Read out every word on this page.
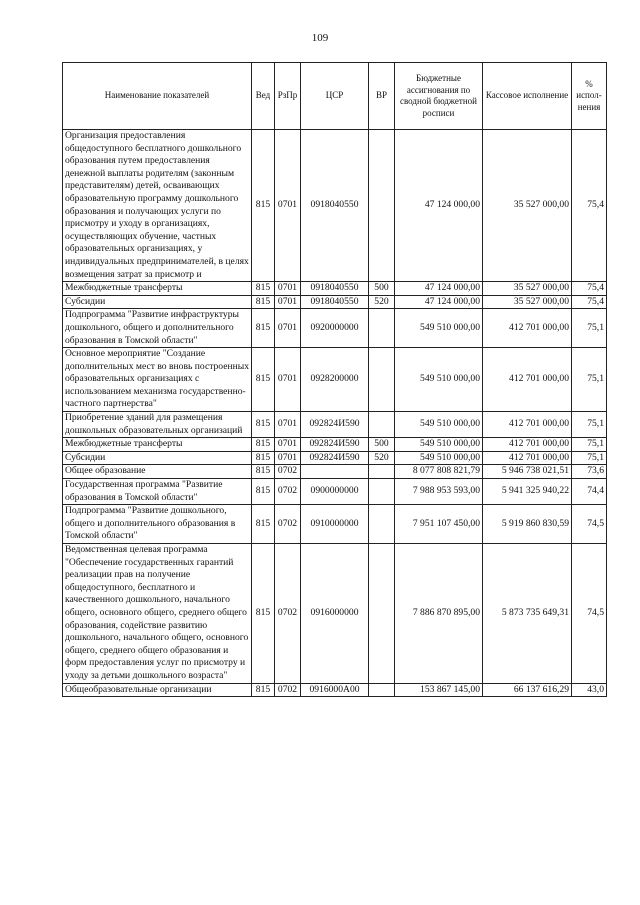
109
Наименование показателей	Вед	РзПр	ЦСР	ВР	Бюджетные ассигнования по сводной бюджетной росписи	Кассовое исполнение	% испол-нения
Организация предоставления общедоступного бесплатного дошкольного образования путем предоставления денежной выплаты родителям (законным представителям) детей, осваивающих образовательную программу дошкольного образования и получающих услуги по присмотру и уходу в организациях, осуществляющих обучение, частных образовательных организациях, у индивидуальных предпринимателей, в целях возмещения затрат за присмотр и	815	0701	0918040550		47 124 000,00	35 527 000,00	75,4
Межбюджетные трансферты	815	0701	0918040550	500	47 124 000,00	35 527 000,00	75,4
Субсидии	815	0701	0918040550	520	47 124 000,00	35 527 000,00	75,4
Подпрограмма "Развитие инфраструктуры дошкольного, общего и дополнительного образования в Томской области"	815	0701	0920000000		549 510 000,00	412 701 000,00	75,1
Основное мероприятие "Создание дополнительных мест во вновь построенных образовательных организациях с использованием механизма государственно-частного партнерства"	815	0701	0928200000		549 510 000,00	412 701 000,00	75,1
Приобретение зданий для размещения дошкольных образовательных организаций	815	0701	092824И590		549 510 000,00	412 701 000,00	75,1
Межбюджетные трансферты	815	0701	092824И590	500	549 510 000,00	412 701 000,00	75,1
Субсидии	815	0701	092824И590	520	549 510 000,00	412 701 000,00	75,1
Общее образование	815	0702			8 077 808 821,79	5 946 738 021,51	73,6
Государственная программа "Развитие образования в Томской области"	815	0702	0900000000		7 988 953 593,00	5 941 325 940,22	74,4
Подпрограмма "Развитие дошкольного, общего и дополнительного образования в Томской области"	815	0702	0910000000		7 951 107 450,00	5 919 860 830,59	74,5
Ведомственная целевая программа "Обеспечение государственных гарантий реализации прав на получение общедоступного, бесплатного и качественного дошкольного, начального общего, основного общего, среднего общего образования, содействие развитию дошкольного, начального общего, основного общего, среднего общего образования и форм предоставления услуг по присмотру и уходу за детьми дошкольного возраста"	815	0702	0916000000		7 886 870 895,00	5 873 735 649,31	74,5
Общеобразовательные организации	815	0702	0916000А00		153 867 145,00	66 137 616,29	43,0
